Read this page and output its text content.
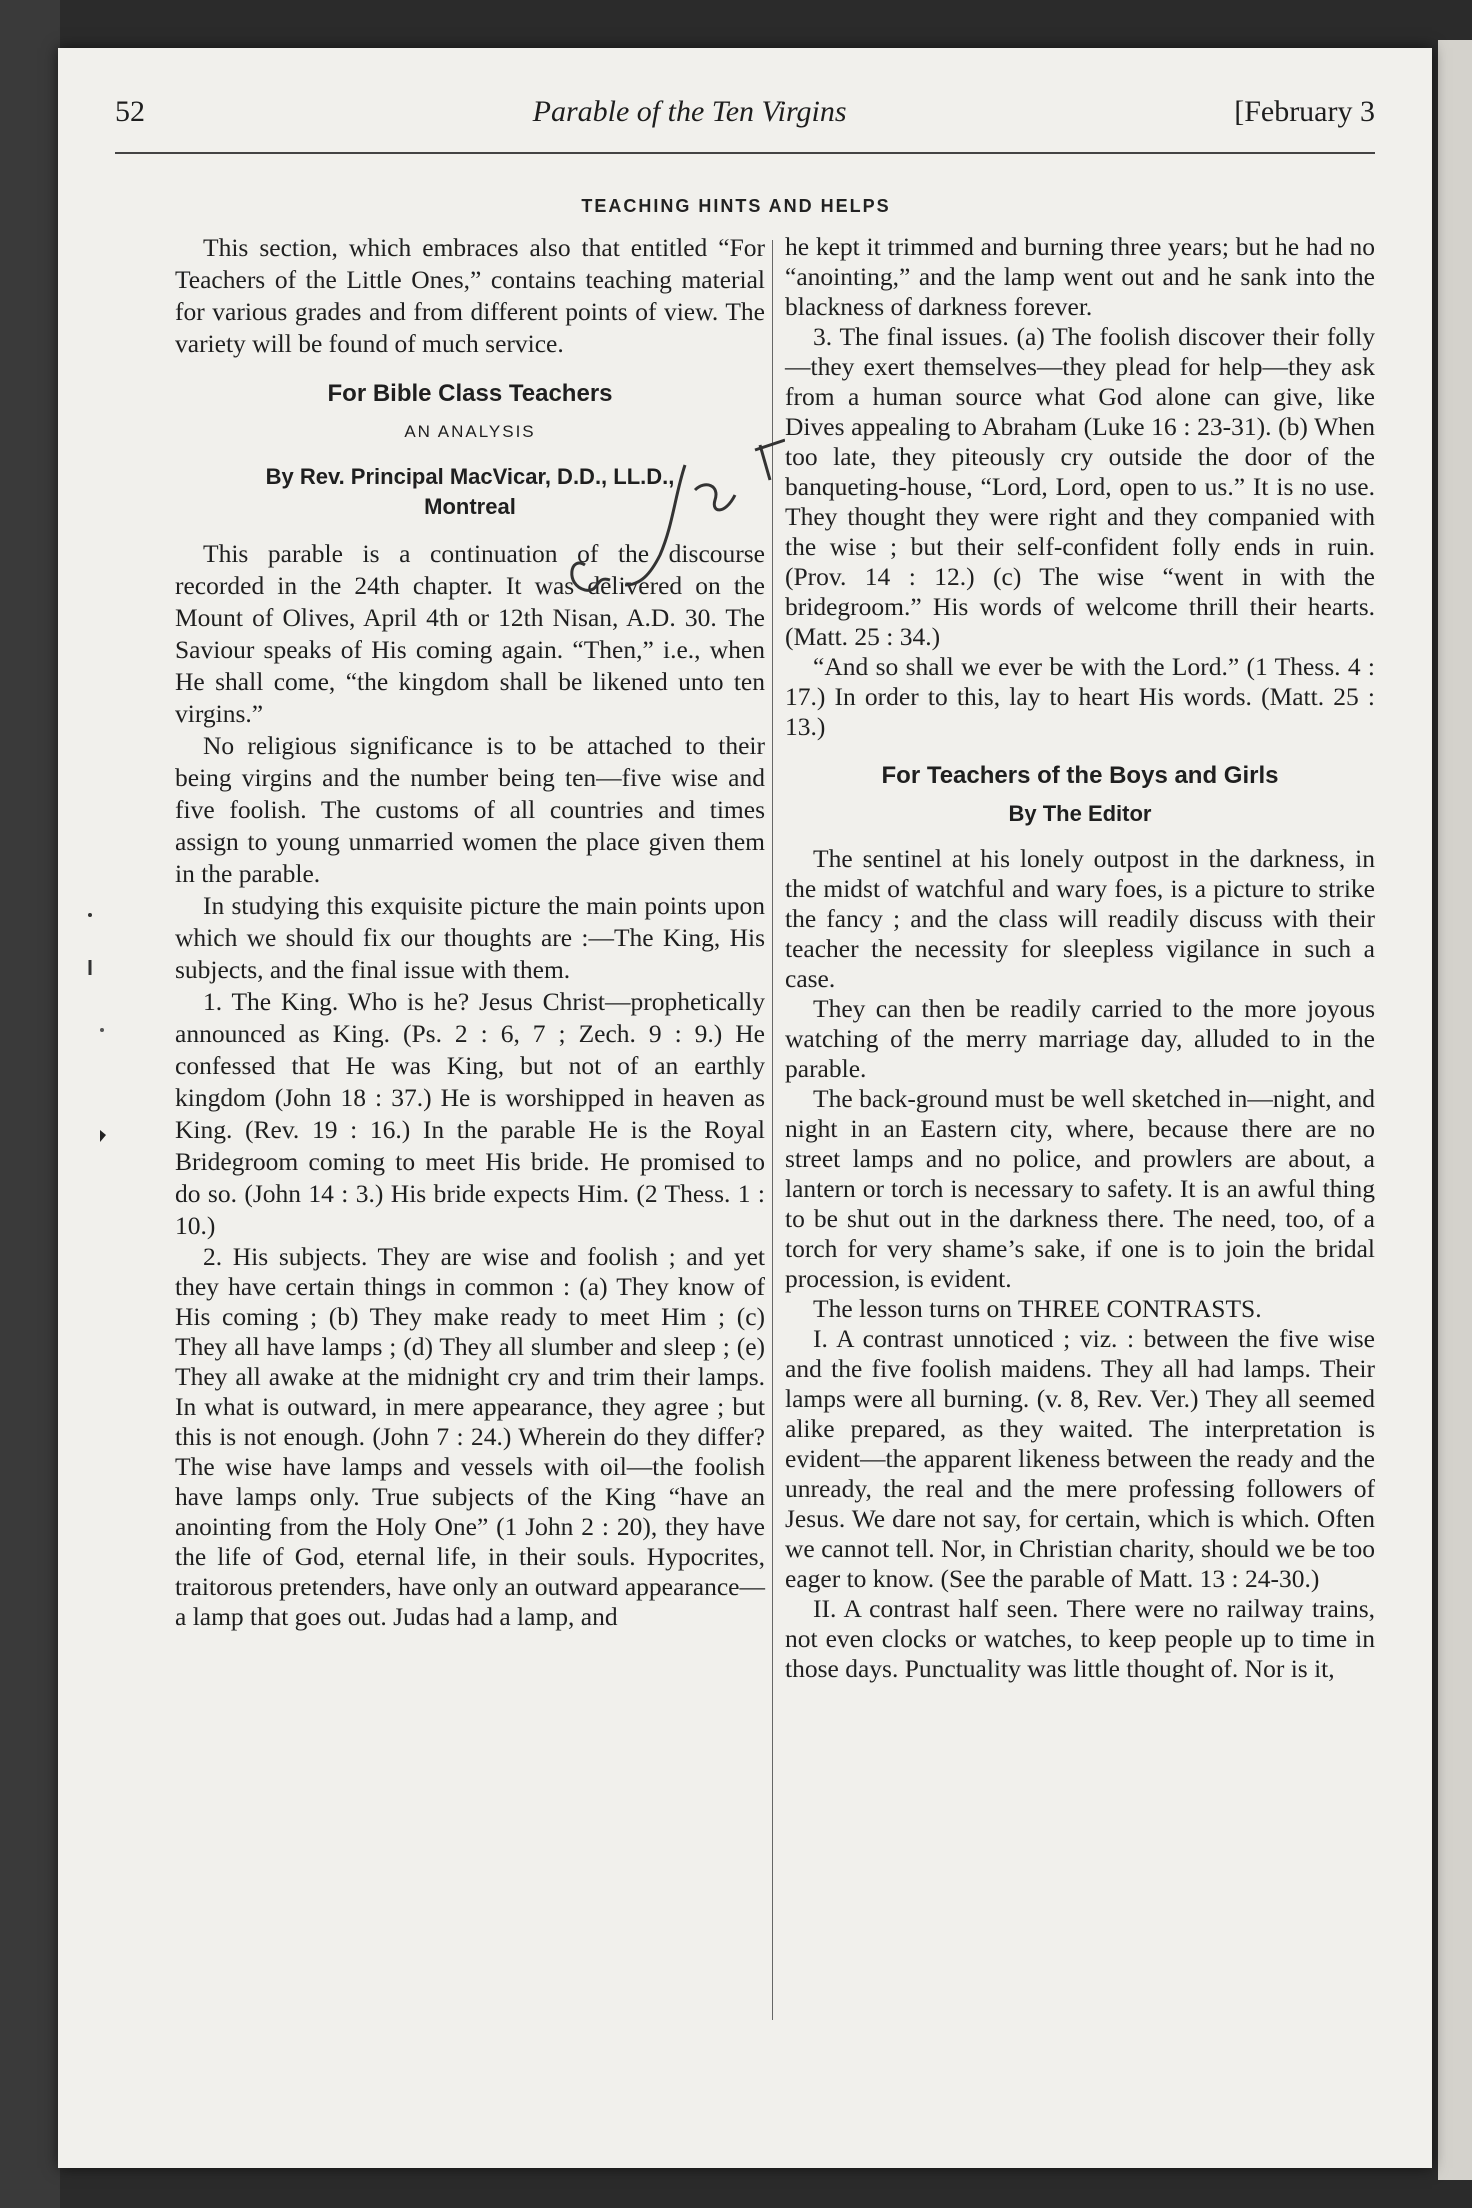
52	Parable of the Ten Virgins	[February 3
TEACHING HINTS AND HELPS

This section, which embraces also that entitled “For Teachers of the Little Ones,” contains teaching material for various grades and from different points of view. The variety will be found of much service.

For Bible Class Teachers
AN ANALYSIS
By Rev. Principal MacVicar, D.D., LL.D.,
Montreal

This parable is a continuation of the discourse recorded in the 24th chapter. It was delivered on the Mount of Olives, April 4th or 12th Nisan, A.D. 30. The Saviour speaks of His coming again. “Then,” i.e., when He shall come, “the kingdom shall be likened unto ten virgins.”

No religious significance is to be attached to their being virgins and the number being ten—five wise and five foolish. The customs of all countries and times assign to young unmarried women the place given them in the parable.

In studying this exquisite picture the main points upon which we should fix our thoughts are :—The King, His subjects, and the final issue with them.

1. The King. Who is he? Jesus Christ—prophetically announced as King. (Ps. 2 : 6, 7 ; Zech. 9 : 9.) He confessed that He was King, but not of an earthly kingdom (John 18 : 37.) He is worshipped in heaven as King. (Rev. 19 : 16.) In the parable He is the Royal Bridegroom coming to meet His bride. He promised to do so. (John 14 : 3.) His bride expects Him. (2 Thess. 1 : 10.)

2. His subjects. They are wise and foolish ; and yet they have certain things in common : (a) They know of His coming ; (b) They make ready to meet Him ; (c) They all have lamps ; (d) They all slumber and sleep ; (e) They all awake at the midnight cry and trim their lamps. In what is outward, in mere appearance, they agree ; but this is not enough. (John 7 : 24.) Wherein do they differ? The wise have lamps and vessels with oil—the foolish have lamps only. True subjects of the King “have an anointing from the Holy One” (1 John 2 : 20), they have the life of God, eternal life, in their souls. Hypocrites, traitorous pretenders, have only an outward appearance—a lamp that goes out. Judas had a lamp, and

he kept it trimmed and burning three years; but he had no “anointing,” and the lamp went out and he sank into the blackness of darkness forever.

3. The final issues. (a) The foolish discover their folly—they exert themselves—they plead for help—they ask from a human source what God alone can give, like Dives appealing to Abraham (Luke 16 : 23-31). (b) When too late, they piteously cry outside the door of the banqueting-house, “Lord, Lord, open to us.” It is no use. They thought they were right and they companied with the wise ; but their self-confident folly ends in ruin. (Prov. 14 : 12.) (c) The wise “went in with the bridegroom.” His words of welcome thrill their hearts. (Matt. 25 : 34.)

“And so shall we ever be with the Lord.” (1 Thess. 4 : 17.) In order to this, lay to heart His words. (Matt. 25 : 13.)

For Teachers of the Boys and Girls
By The Editor

The sentinel at his lonely outpost in the darkness, in the midst of watchful and wary foes, is a picture to strike the fancy ; and the class will readily discuss with their teacher the necessity for sleepless vigilance in such a case.

They can then be readily carried to the more joyous watching of the merry marriage day, alluded to in the parable.

The back-ground must be well sketched in—night, and night in an Eastern city, where, because there are no street lamps and no police, and prowlers are about, a lantern or torch is necessary to safety. It is an awful thing to be shut out in the darkness there. The need, too, of a torch for very shame’s sake, if one is to join the bridal procession, is evident.

The lesson turns on THREE CONTRASTS.

I. A contrast unnoticed ; viz. : between the five wise and the five foolish maidens. They all had lamps. Their lamps were all burning. (v. 8, Rev. Ver.) They all seemed alike prepared, as they waited. The interpretation is evident—the apparent likeness between the ready and the unready, the real and the mere professing followers of Jesus. We dare not say, for certain, which is which. Often we cannot tell. Nor, in Christian charity, should we be too eager to know. (See the parable of Matt. 13 : 24-30.)

II. A contrast half seen. There were no railway trains, not even clocks or watches, to keep people up to time in those days. Punctuality was little thought of. Nor is it,
